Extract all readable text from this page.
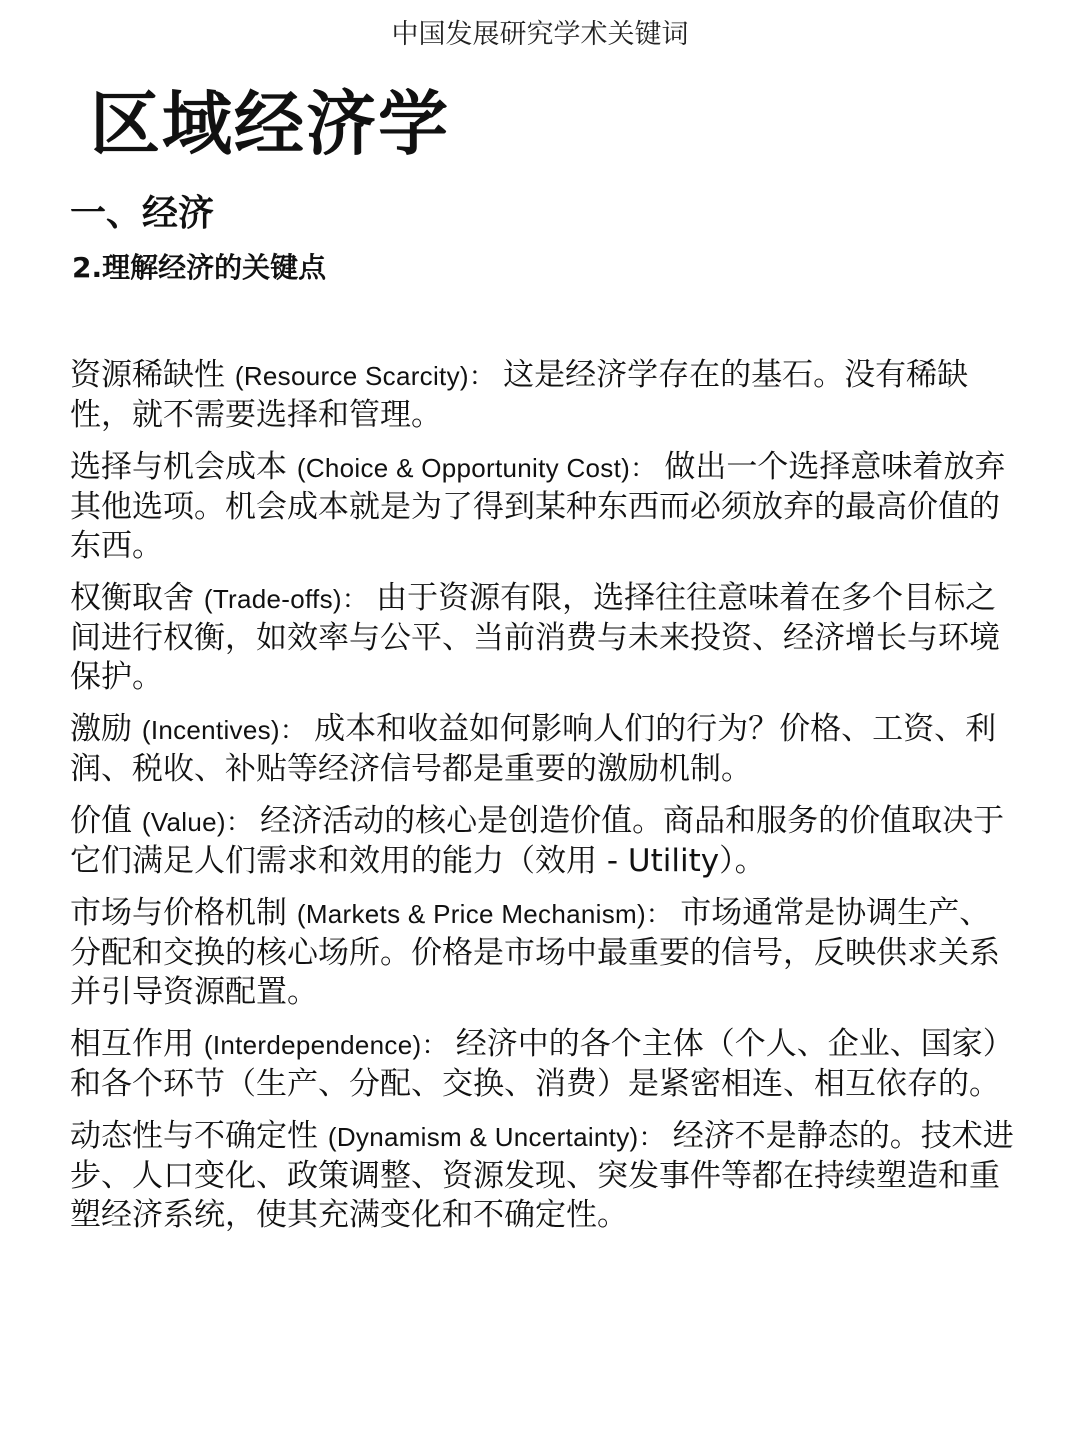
中国发展研究学术关键词
区域经济学
一、经济
2.理解经济的关键点
资源稀缺性 (Resource Scarcity)： 这是经济学存在的基石。没有稀缺性，就不需要选择和管理。
选择与机会成本 (Choice & Opportunity Cost)： 做出一个选择意味着放弃其他选项。机会成本就是为了得到某种东西而必须放弃的最高价值的东西。
权衡取舍 (Trade-offs)： 由于资源有限，选择往往意味着在多个目标之间进行权衡，如效率与公平、当前消费与未来投资、经济增长与环境保护。
激励 (Incentives)： 成本和收益如何影响人们的行为？价格、工资、利润、税收、补贴等经济信号都是重要的激励机制。
价值 (Value)： 经济活动的核心是创造价值。商品和服务的价值取决于它们满足人们需求和效用的能力（效用 - Utility）。
市场与价格机制 (Markets & Price Mechanism)： 市场通常是协调生产、分配和交换的核心场所。价格是市场中最重要的信号，反映供求关系并引导资源配置。
相互作用 (Interdependence)： 经济中的各个主体（个人、企业、国家）和各个环节（生产、分配、交换、消费）是紧密相连、相互依存的。
动态性与不确定性 (Dynamism & Uncertainty)： 经济不是静态的。技术进步、人口变化、政策调整、资源发现、突发事件等都在持续塑造和重塑经济系统，使其充满变化和不确定性。
